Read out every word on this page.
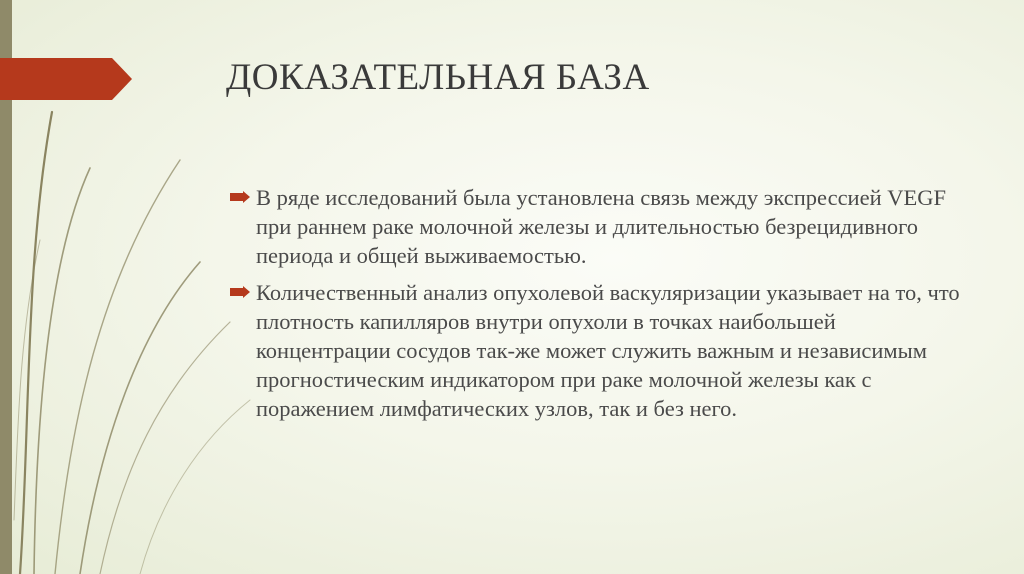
ДОКАЗАТЕЛЬНАЯ БАЗА
В ряде исследований была установлена связь между экспрессией VEGF при раннем раке молочной железы и длительностью безрецидивного периода и общей выживаемостью.
Количественный анализ опухолевой васкуляризации указывает на то, что плотность капилляров внутри опухоли в точках наибольшей концентрации сосудов так-же может служить важным и независимым прогностическим индикатором при раке молочной железы как с поражением лимфатических узлов, так и без него.
